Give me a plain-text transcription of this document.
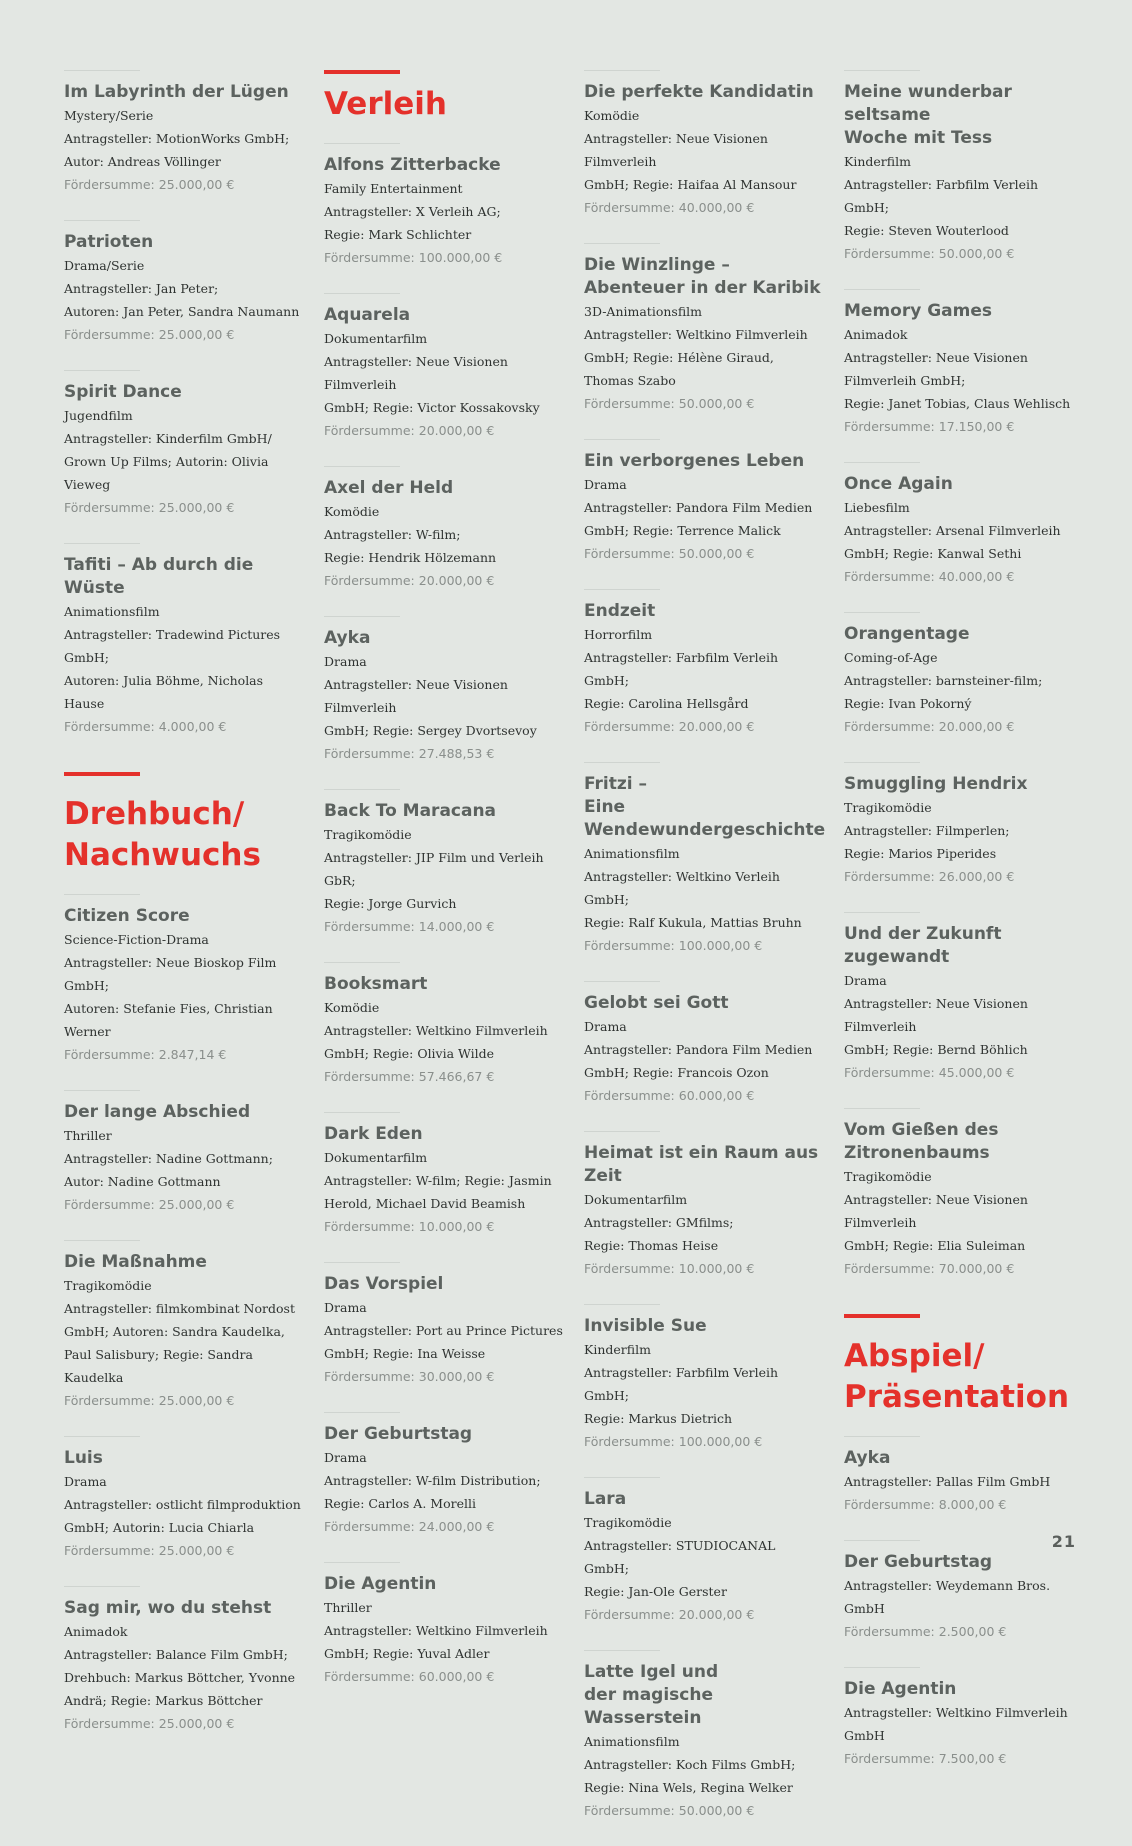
Im Labyrinth der Lügen

Mystery/Serie

Antragsteller: MotionWorks GmbH;

Autor: Andreas Völlinger

Fördersumme: 25.000,00 €

Patrioten

Drama/Serie

Antragsteller: Jan Peter;

Autoren: Jan Peter, Sandra Naumann

Fördersumme: 25.000,00 €

Spirit Dance

Jugendfilm

Antragsteller: Kinderfilm GmbH/

Grown Up Films; Autorin: Olivia Vieweg

Fördersumme: 25.000,00 €

Tafiti – Ab durch die Wüste

Animationsfilm

Antragsteller: Tradewind Pictures GmbH;

Autoren: Julia Böhme, Nicholas Hause

Fördersumme: 4.000,00 €

Drehbuch/
Nachwuchs
Citizen Score

Science-Fiction-Drama

Antragsteller: Neue Bioskop Film GmbH;

Autoren: Stefanie Fies, Christian Werner

Fördersumme: 2.847,14 €

Der lange Abschied

Thriller

Antragsteller: Nadine Gottmann;

Autor: Nadine Gottmann

Fördersumme: 25.000,00 €

Die Maßnahme

Tragikomödie

Antragsteller: filmkombinat Nordost

GmbH; Autoren: Sandra Kaudelka,

Paul Salisbury; Regie: Sandra Kaudelka

Fördersumme: 25.000,00 €

Luis

Drama

Antragsteller: ostlicht filmproduktion

GmbH; Autorin: Lucia Chiarla

Fördersumme: 25.000,00 €

Sag mir, wo du stehst

Animadok

Antragsteller: Balance Film GmbH;

Drehbuch: Markus Böttcher, Yvonne

Andrä; Regie: Markus Böttcher

Fördersumme: 25.000,00 €

Verleih
Alfons Zitterbacke

Family Entertainment

Antragsteller: X Verleih AG;

Regie: Mark Schlichter

Fördersumme: 100.000,00 €

Aquarela

Dokumentarfilm

Antragsteller: Neue Visionen Filmverleih

GmbH; Regie: Victor Kossakovsky

Fördersumme: 20.000,00 €

Axel der Held

Komödie

Antragsteller: W-film;

Regie: Hendrik Hölzemann

Fördersumme: 20.000,00 €

Ayka

Drama

Antragsteller: Neue Visionen Filmverleih

GmbH; Regie: Sergey Dvortsevoy

Fördersumme: 27.488,53 €

Back To Maracana

Tragikomödie

Antragsteller: JIP Film und Verleih GbR;

Regie: Jorge Gurvich

Fördersumme: 14.000,00 €

Booksmart

Komödie

Antragsteller: Weltkino Filmverleih

GmbH; Regie: Olivia Wilde

Fördersumme: 57.466,67 €

Dark Eden

Dokumentarfilm

Antragsteller: W-film; Regie: Jasmin

Herold, Michael David Beamish

Fördersumme: 10.000,00 €

Das Vorspiel

Drama

Antragsteller: Port au Prince Pictures

GmbH; Regie: Ina Weisse

Fördersumme: 30.000,00 €

Der Geburtstag

Drama

Antragsteller: W-film Distribution;

Regie: Carlos A. Morelli

Fördersumme: 24.000,00 €

Die Agentin

Thriller

Antragsteller: Weltkino Filmverleih

GmbH; Regie: Yuval Adler

Fördersumme: 60.000,00 €

Die perfekte Kandidatin

Komödie

Antragsteller: Neue Visionen Filmverleih

GmbH; Regie: Haifaa Al Mansour

Fördersumme: 40.000,00 €

Die Winzlinge –
Abenteuer in der Karibik

3D-Animationsfilm

Antragsteller: Weltkino Filmverleih

GmbH; Regie: Hélène Giraud,

Thomas Szabo

Fördersumme: 50.000,00 €

Ein verborgenes Leben

Drama

Antragsteller: Pandora Film Medien

GmbH; Regie: Terrence Malick

Fördersumme: 50.000,00 €

Endzeit

Horrorfilm

Antragsteller: Farbfilm Verleih GmbH;

Regie: Carolina Hellsgård

Fördersumme: 20.000,00 €

Fritzi –
Eine Wendewundergeschichte

Animationsfilm

Antragsteller: Weltkino Verleih GmbH;

Regie: Ralf Kukula, Mattias Bruhn

Fördersumme: 100.000,00 €

Gelobt sei Gott

Drama

Antragsteller: Pandora Film Medien

GmbH; Regie: Francois Ozon

Fördersumme: 60.000,00 €

Heimat ist ein Raum aus Zeit

Dokumentarfilm

Antragsteller: GMfilms;

Regie: Thomas Heise

Fördersumme: 10.000,00 €

Invisible Sue

Kinderfilm

Antragsteller: Farbfilm Verleih GmbH;

Regie: Markus Dietrich

Fördersumme: 100.000,00 €

Lara

Tragikomödie

Antragsteller: STUDIOCANAL GmbH;

Regie: Jan-Ole Gerster

Fördersumme: 20.000,00 €

Latte Igel und
der magische Wasserstein

Animationsfilm

Antragsteller: Koch Films GmbH;

Regie: Nina Wels, Regina Welker

Fördersumme: 50.000,00 €

Meine wunderbar seltsame
Woche mit Tess

Kinderfilm

Antragsteller: Farbfilm Verleih GmbH;

Regie: Steven Wouterlood

Fördersumme: 50.000,00 €

Memory Games

Animadok

Antragsteller: Neue Visionen

Filmverleih GmbH;

Regie: Janet Tobias, Claus Wehlisch

Fördersumme: 17.150,00 €

Once Again

Liebesfilm

Antragsteller: Arsenal Filmverleih

GmbH; Regie: Kanwal Sethi

Fördersumme: 40.000,00 €

Orangentage

Coming-of-Age

Antragsteller: barnsteiner-film;

Regie: Ivan Pokorný

Fördersumme: 20.000,00 €

Smuggling Hendrix

Tragikomödie

Antragsteller: Filmperlen;

Regie: Marios Piperides

Fördersumme: 26.000,00 €

Und der Zukunft zugewandt

Drama

Antragsteller: Neue Visionen Filmverleih

GmbH; Regie: Bernd Böhlich

Fördersumme: 45.000,00 €

Vom Gießen des
Zitronenbaums

Tragikomödie

Antragsteller: Neue Visionen Filmverleih

GmbH; Regie: Elia Suleiman

Fördersumme: 70.000,00 €

Abspiel/
Präsentation
Ayka

Antragsteller: Pallas Film GmbH

Fördersumme: 8.000,00 €

Der Geburtstag

Antragsteller: Weydemann Bros. GmbH

Fördersumme: 2.500,00 €

Die Agentin

Antragsteller: Weltkino Filmverleih GmbH

Fördersumme: 7.500,00 €

21
